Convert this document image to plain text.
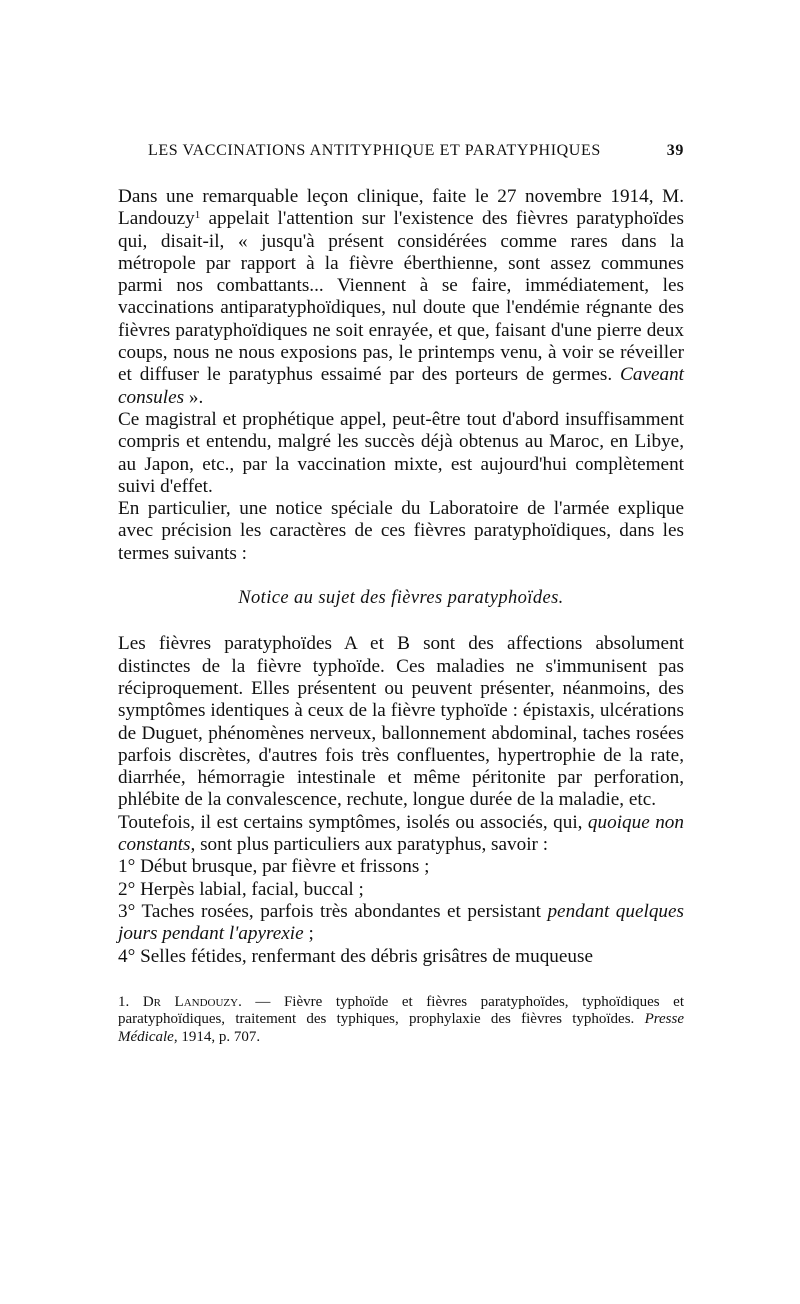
LES VACCINATIONS ANTITYPHIQUE ET PARATYPHIQUES	39

Dans une remarquable leçon clinique, faite le 27 novembre 1914, M. Landouzy$^1$ appelait l'attention sur l'existence des fièvres paratyphoïdes qui, disait-il, « jusqu'à présent considérées comme rares dans la métropole par rapport à la fièvre éberthienne, sont assez communes parmi nos combattants... Viennent à se faire, immédiatement, les vaccinations antiparatyphoïdiques, nul doute que l'endémie régnante des fièvres paratyphoïdiques ne soit enrayée, et que, faisant d'une pierre deux coups, nous ne nous exposions pas, le printemps venu, à voir se réveiller et diffuser le paratyphus essaimé par des porteurs de germes. Caveant consules ».

Ce magistral et prophétique appel, peut-être tout d'abord insuffisamment compris et entendu, malgré les succès déjà obtenus au Maroc, en Libye, au Japon, etc., par la vaccination mixte, est aujourd'hui complètement suivi d'effet.

En particulier, une notice spéciale du Laboratoire de l'armée explique avec précision les caractères de ces fièvres paratyphoïdiques, dans les termes suivants :

Notice au sujet des fièvres paratyphoïdes.

Les fièvres paratyphoïdes A et B sont des affections absolument distinctes de la fièvre typhoïde. Ces maladies ne s'immunisent pas réciproquement. Elles présentent ou peuvent présenter, néanmoins, des symptômes identiques à ceux de la fièvre typhoïde : épistaxis, ulcérations de Duguet, phénomènes nerveux, ballonnement abdominal, taches rosées parfois discrètes, d'autres fois très confluentes, hypertrophie de la rate, diarrhée, hémorragie intestinale et même péritonite par perforation, phlébite de la convalescence, rechute, longue durée de la maladie, etc.

Toutefois, il est certains symptômes, isolés ou associés, qui, quoique non constants, sont plus particuliers aux paratyphus, savoir :

1° Début brusque, par fièvre et frissons ;

2° Herpès labial, facial, buccal ;

3° Taches rosées, parfois très abondantes et persistant pendant quelques jours pendant l'apyrexie ;

4° Selles fétides, renfermant des débris grisâtres de muqueuse

1. Dr Landouzy. — Fièvre typhoïde et fièvres paratyphoïdes, typhoïdiques et paratyphoïdiques, traitement des typhiques, prophylaxie des fièvres typhoïdes. Presse Médicale, 1914, p. 707.
